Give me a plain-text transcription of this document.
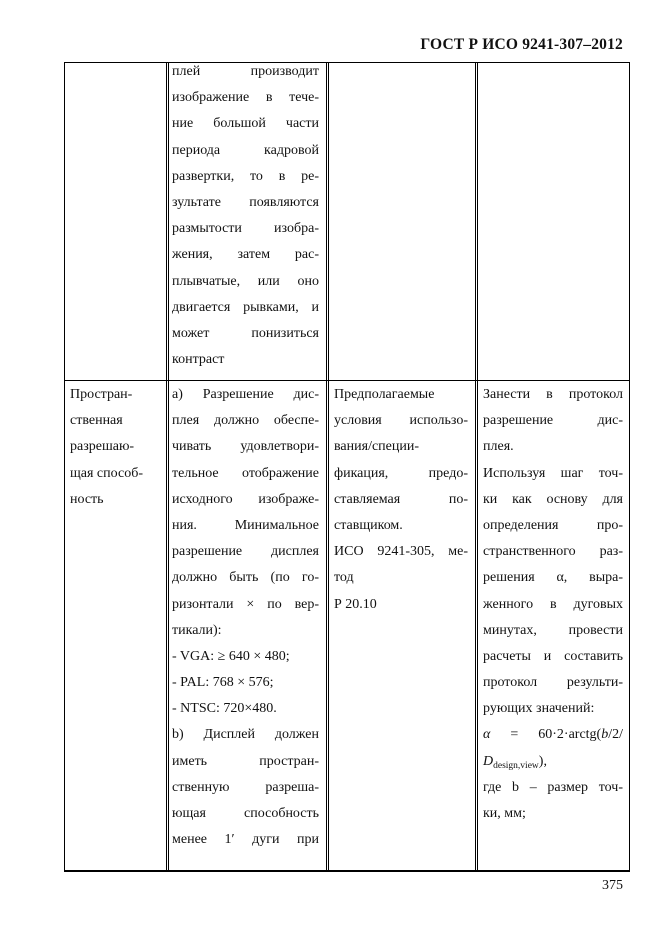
ГОСТ Р ИСО 9241-307–2012
плей производит
изображение в тече-
ние большой части
периода кадровой
развертки, то в ре-
зультате появляются
размытости изобра-
жения, затем рас-
плывчатые, или оно
двигается рывками, и
может понизиться
контраст
Простран-
ственная
разрешаю-
щая способ-
ность
а) Разрешение дис-
плея должно обеспе-
чивать удовлетвори-
тельное отображение
исходного изображе-
ния. Минимальное
разрешение дисплея
должно быть (по го-
ризонтали × по вер-
тикали):
- VGA: ≥ 640 × 480;
- PAL: 768 × 576;
- NTSC: 720×480.
b) Дисплей должен
иметь простран-
ственную разреша-
ющая способность
менее 1′ дуги при
Предполагаемые
условия использо-
вания/специи-
фикация, предо-
ставляемая по-
ставщиком.
ИСО 9241-305, ме-
тод
Р 20.10
Занести в протокол
разрешение дис-
плея.
Используя шаг точ-
ки как основу для
определения про-
странственного раз-
решения α, выра-
женного в дуговых
минутах, провести
расчеты и составить
протокол результи-
рующих значений:
α = 60·2·arctg(b/2/
$D_{design,view}$),
где b – размер точ-
ки, мм;
375
